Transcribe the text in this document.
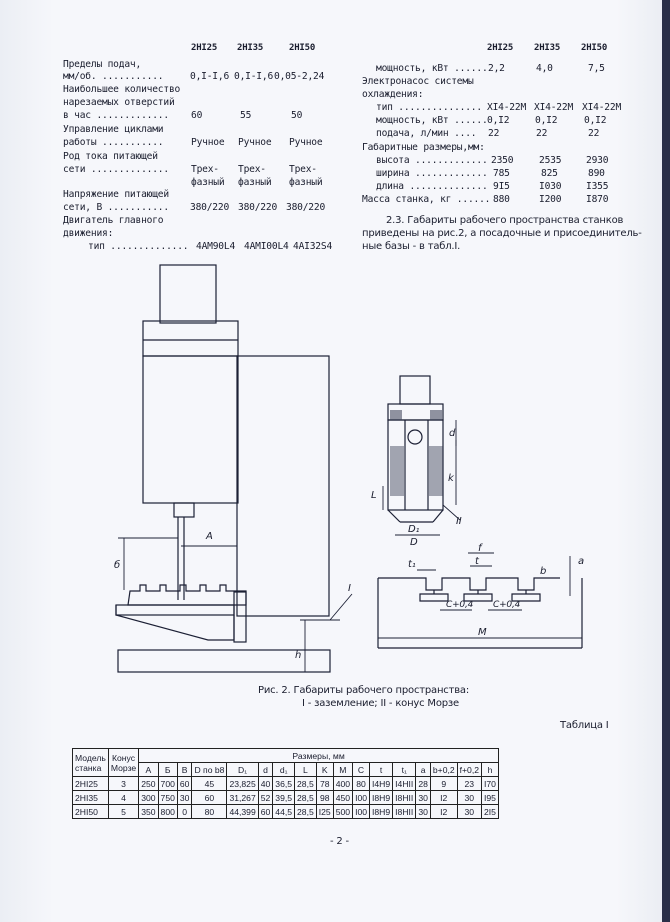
2НI25 2НI35	2НI50
Пределы подач,
мм/об. ...........	0,I-I,6 0,I-I,6 0,05-2,24
Наибольшее количество
нарезаемых отверстий
в час ............. 60	55	50
Управление циклами
работы ...........	Ручное Ручное Ручное
Род тока питающей
сети .............. Трех- Трех- Трех-
фазный фазный фазный
Напряжение питающей
сети, В ........... 380/220 380/220 380/220
Двигатель главного
движения:
тип .............. 4АМ90L4 4АМI00L4 4АI32S4
2НI25 2НI35 2НI50
мощность, кВт ...... 2,2	4,0	7,5
Электронасос системы
охлаждения:
тип ............... ХI4-22М ХI4-22М ХI4-22М
мощность, кВт ...... 0,I2	0,I2	0,I2
подача, л/мин .... 22	22	22
Габаритные размеры,мм:
высота ............. 2350	2535	2930
ширина ............. 785	825	890
длина .............. 9I5	I030	I355
Масса станка, кг ...... 880	I200	I870
2.3. Габариты рабочего пространства станков
приведены на рис.2, а посадочные и присоединитель-
ные базы - в табл.I.
A
б
h
I
d
k
L
D₁
D
II
t₁	t
f
a
b
C+0,4 C+0,4
M
Рис. 2. Габариты рабочего пространства:
I - заземление; II - конус Морзе
Таблица I
Модель
станка	Конус
Морзе	Размеры, мм																
		А	Б	В	D по b8	D₁	d	d₁	L	K	M	C	t	t₁	a	b+0,2	f+0,2	h
2НI25	3	250	700	60	45	23,825	40	36,5	28,5	78	400	80	I4H9	I4HII	28	9	23	I70
2НI35	4	300	750	30	60	31,267	52	39,5	28,5	98	450	I00	I8H9	I8HII	30	I2	30	I95
2НI50	5	350	800	0	80	44,399	60	44,5	28,5	I25	500	I00	I8H9	I8HII	30	I2	30	2I5
- 2 -
